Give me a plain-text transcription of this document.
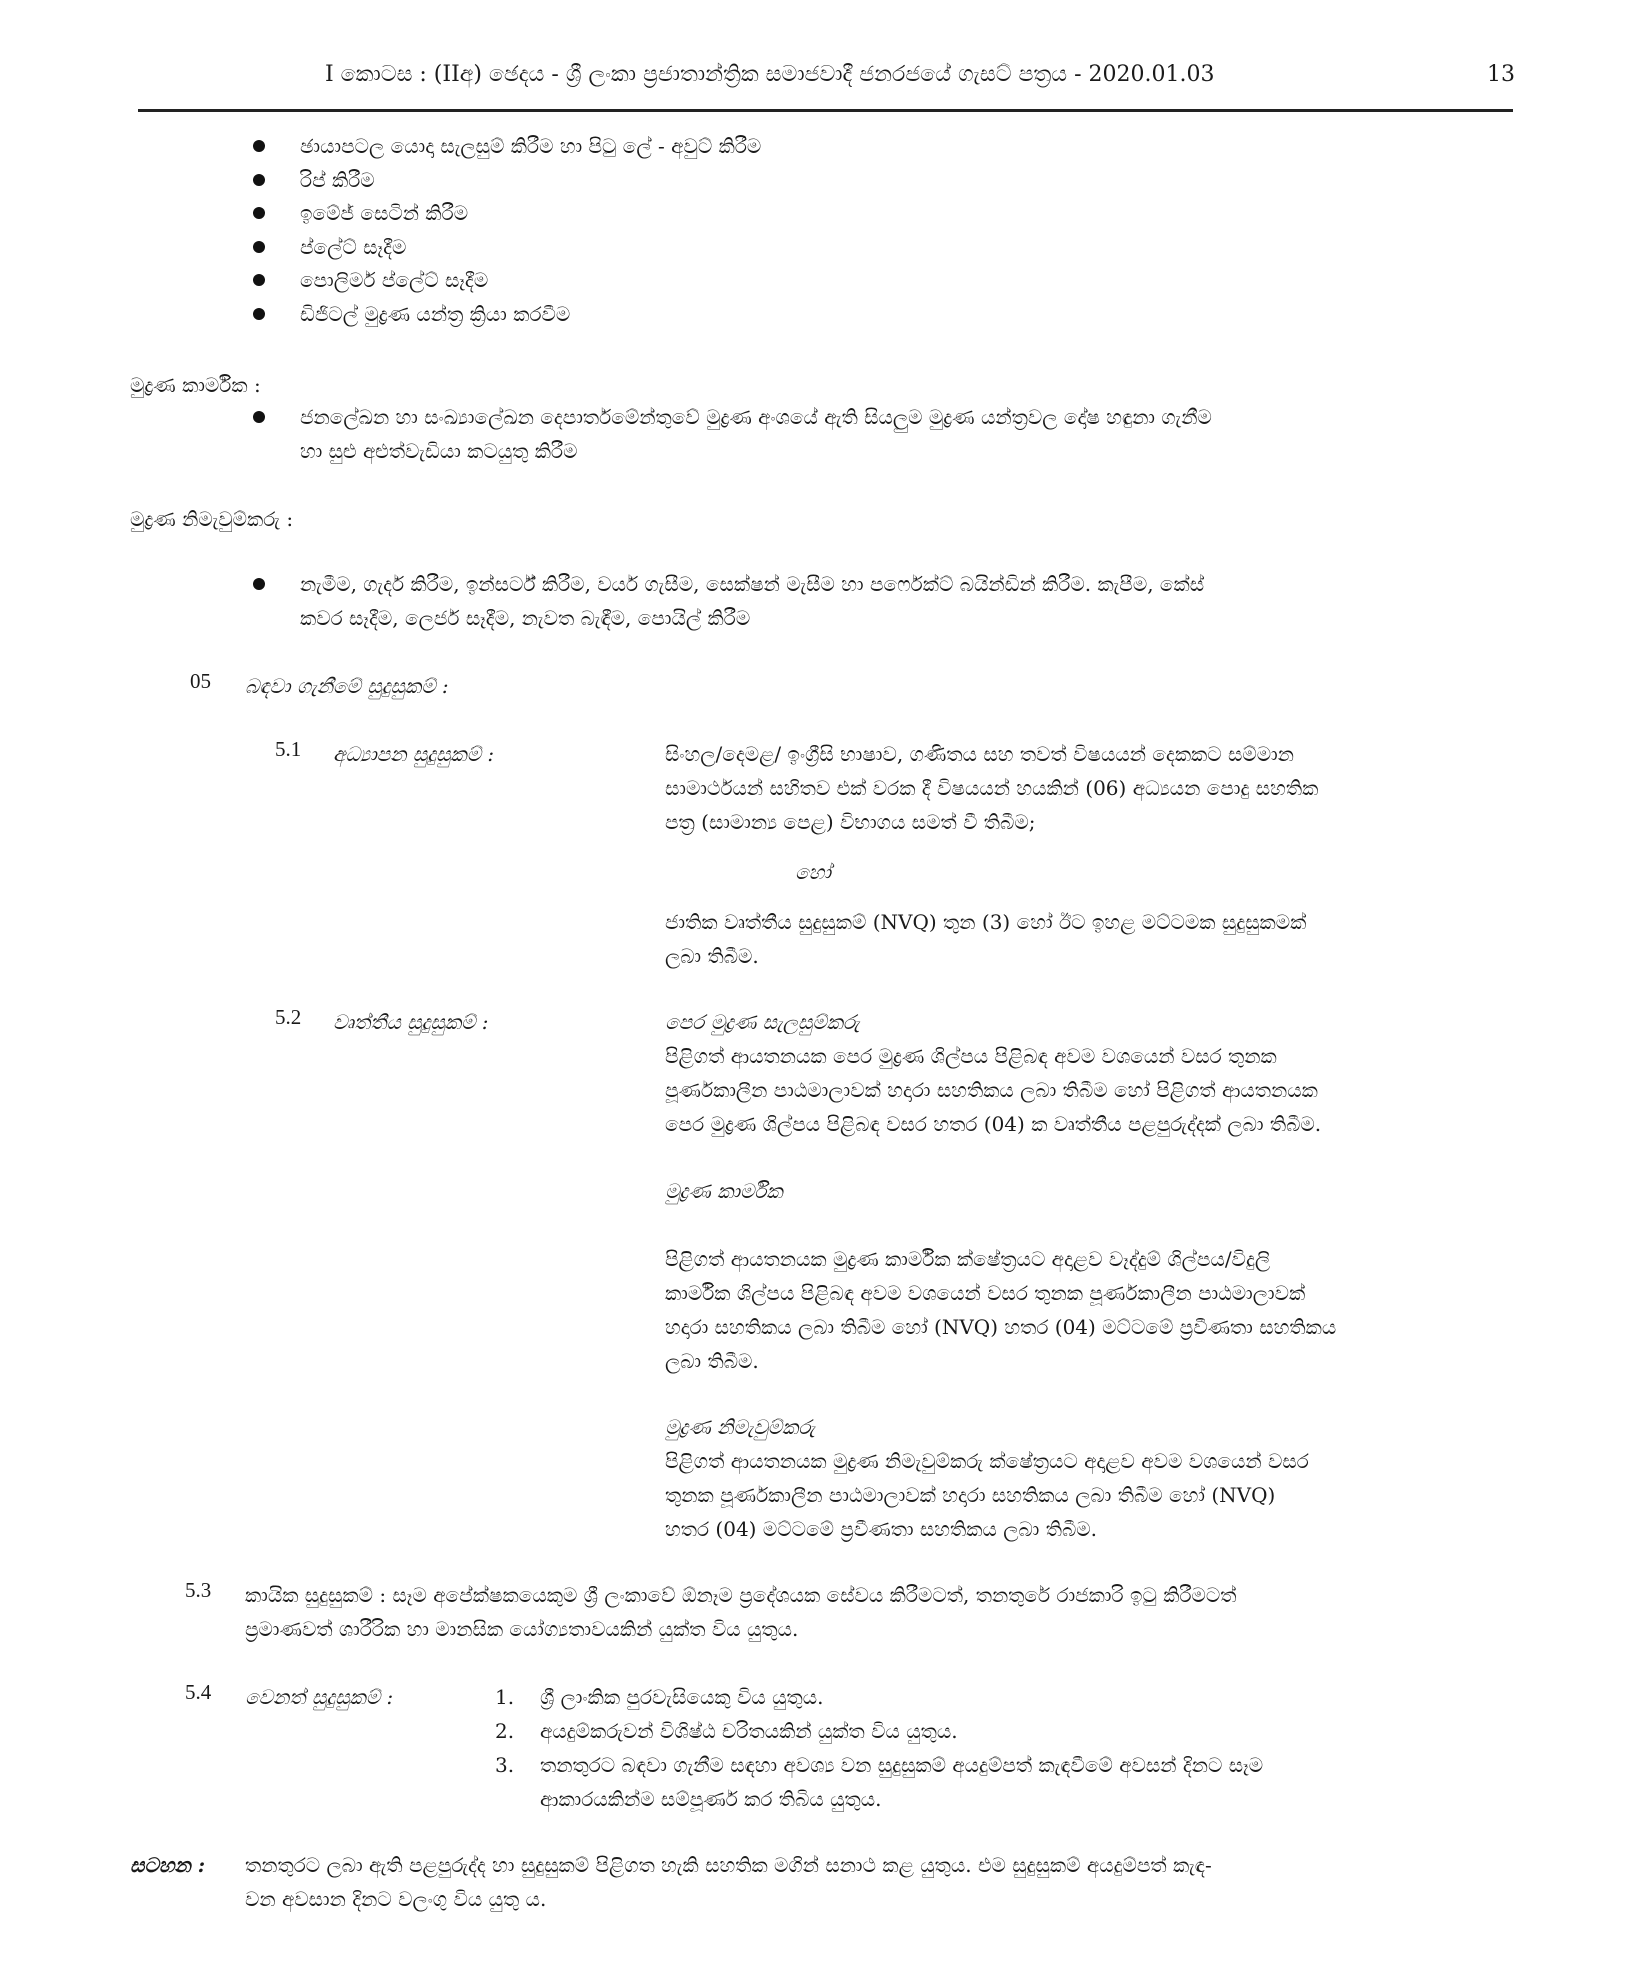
I කොටස : (IIඅ) ඡෙදය - ශ්‍රී ලංකා ප්‍රජාතාන්ත්‍රික සමාජවාදී ජනරජයේ ගැසට් පත්‍රය - 2020.01.03	13
ඡායාපටල යොදා සැලසුම් කිරීම හා පිටු ලේ - අවුට් කිරීම
රිප් කිරීම
ඉමේජ් සෙටින් කිරීම
ප්ලේට් සෑදීම
පොලිමර් ප්ලේට් සෑදීම
ඩිජිටල් මුද්‍රණ යන්ත්‍ර ක්‍රියා කරවීම
මුද්‍රණ කාර්මික :
ජනලේඛන හා සංඛ්‍යාලේඛන දෙපාර්තමේන්තුවේ මුද්‍රණ අංශයේ ඇති සියලුම මුද්‍රණ යන්ත්‍රවල දෝෂ හඳුනා ගැනීම
හා සුළු අළුත්වැඩියා කටයුතු කිරීම
මුද්‍රණ නිමැවුම්කරු :
නැමීම, ගැදර් කිරීම, ඉන්සර්ට් කිරීම, වයර් ගැසීම, සෙක්ෂන් මැසීම හා පර්ෆෙක්ට් බයින්ඩින් කිරීම. කැපීම, කේස්
කවර සෑදීම, ලෙජර් සෑදීම, නැවත බැඳීම, පොයිල් කිරීම
05 බඳවා ගැනීමේ සුදුසුකම් :
5.1 අධ්‍යාපන සුදුසුකම් :	සිංහල/දෙමළ/ ඉංග්‍රීසි භාෂාව, ගණිතය සහ තවත් විෂයයන් දෙකකට සම්මාන
සාමාර්ථයන් සහිතව එක් වරක දී විෂයයන් හයකින් (06) අධ්‍යයන පොදු සහතික
පත්‍ර (සාමාන්‍ය පෙළ) විභාගය සමත් වී තිබීම;
හෝ
ජාතික වෘත්තීය සුදුසුකම් (NVQ) තුන (3) හෝ ඊට ඉහළ මට්ටමක සුදුසුකමක්
ලබා තිබීම.
5.2 වෘත්තීය සුදුසුකම් :	පෙර මුද්‍රණ සැලසුම්කරු
පිළිගත් ආයතනයක පෙර මුද්‍රණ ශිල්පය පිළිබඳ අවම වශයෙන් වසර තුනක
පූර්ණකාලීන පාඨමාලාවක් හදාරා සහතිකය ලබා තිබීම හෝ පිළිගත් ආයතනයක
පෙර මුද්‍රණ ශිල්පය පිළිබඳ වසර හතර (04) ක වෘත්තීය පළපුරුද්දක් ලබා තිබීම.
මුද්‍රණ කාර්මික
පිළිගත් ආයතනයක මුද්‍රණ කාර්මික ක්ෂේත්‍රයට අදාළව වෑද්දුම් ශිල්පය/විදුලි
කාර්මික ශිල්පය පිළිබඳ අවම වශයෙන් වසර තුනක පූර්ණකාලීන පාඨමාලාවක්
හදාරා සහතිකය ලබා තිබීම හෝ (NVQ) හතර (04) මට්ටමේ ප්‍රවීණතා සහතිකය
ලබා තිබීම.
මුද්‍රණ නිමැවුම්කරු
පිළිගත් ආයතනයක මුද්‍රණ නිමැවුම්කරු ක්ෂේත්‍රයට අදාළව අවම වශයෙන් වසර
තුනක පූර්ණකාලීන පාඨමාලාවක් හදාරා සහතිකය ලබා තිබීම හෝ (NVQ)
හතර (04) මට්ටමේ ප්‍රවීණතා සහතිකය ලබා තිබීම.
5.3 කායික සුදුසුකම් : සෑම අපේක්ෂකයෙකුම ශ්‍රී ලංකාවේ ඕනෑම ප්‍රදේශයක සේවය කිරීමටත්, තනතුරේ රාජකාරි ඉටු කිරීමටත්
ප්‍රමාණවත් ශාරීරික හා මානසික යෝග්‍යතාවයකින් යුක්ත විය යුතුය.
5.4 වෙනත් සුදුසුකම් :	1. ශ්‍රී ලාංකික පුරවැසියෙකු විය යුතුය.
2. අයදුම්කරුවන් විශිෂ්ඨ චරිතයකින් යුක්ත විය යුතුය.
3. තනතුරට බඳවා ගැනීම සඳහා අවශ්‍ය වන සුදුසුකම් අයදුම්පත් කැඳවීමේ අවසන් දිනට සෑම
ආකාරයකින්ම සම්පූර්ණ කර තිබිය යුතුය.
සටහන : තනතුරට ලබා ඇති පළපුරුද්ද හා සුදුසුකම් පිළිගත හැකි සහතික මගින් සනාථ කළ යුතුය. එම සුදුසුකම් අයදුම්පත් කැඳ-
වන අවසාන දිනට වලංගු විය යුතු ය.
